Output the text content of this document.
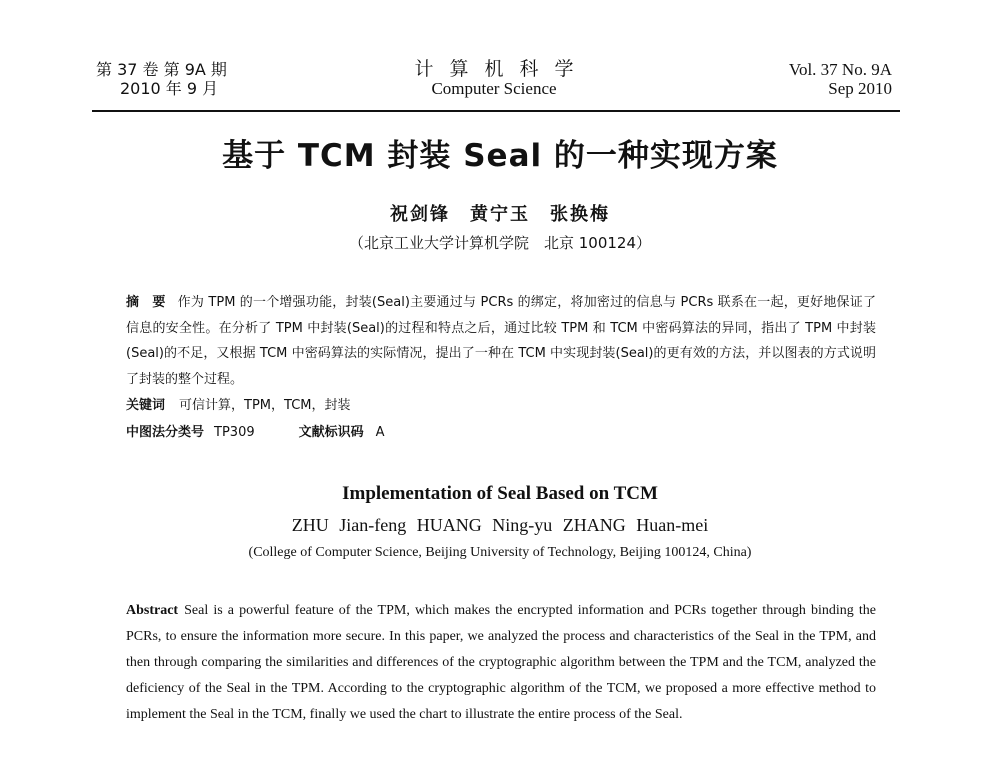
第 37 卷 第 9A 期
2010 年 9 月
计算机科学
Computer Science
Vol. 37 No. 9A
Sep 2010
基于 TCM 封装 Seal 的一种实现方案
祝剑锋　黄宁玉　张换梅
（北京工业大学计算机学院　北京 100124）
摘　要 作为 TPM 的一个增强功能，封装(Seal)主要通过与 PCRs 的绑定，将加密过的信息与 PCRs 联系在一起，更好地保证了信息的安全性。在分析了 TPM 中封装(Seal)的过程和特点之后，通过比较 TPM 和 TCM 中密码算法的异同，指出了 TPM 中封装(Seal)的不足，又根据 TCM 中密码算法的实际情况，提出了一种在 TCM 中实现封装(Seal)的更有效的方法，并以图表的方式说明了封装的整个过程。
关键词 可信计算，TPM，TCM，封装
中图法分类号 TP309	文献标识码 A
Implementation of Seal Based on TCM
ZHU Jian-feng HUANG Ning-yu ZHANG Huan-mei
(College of Computer Science, Beijing University of Technology, Beijing 100124, China)
Abstract Seal is a powerful feature of the TPM, which makes the encrypted information and PCRs together through binding the PCRs, to ensure the information more secure. In this paper, we analyzed the process and characteristics of the Seal in the TPM, and then through comparing the similarities and differences of the cryptographic algorithm between the TPM and the TCM, analyzed the deficiency of the Seal in the TPM. According to the cryptographic algorithm of the TCM, we proposed a more effective method to implement the Seal in the TCM, finally we used the chart to illustrate the entire process of the Seal.
